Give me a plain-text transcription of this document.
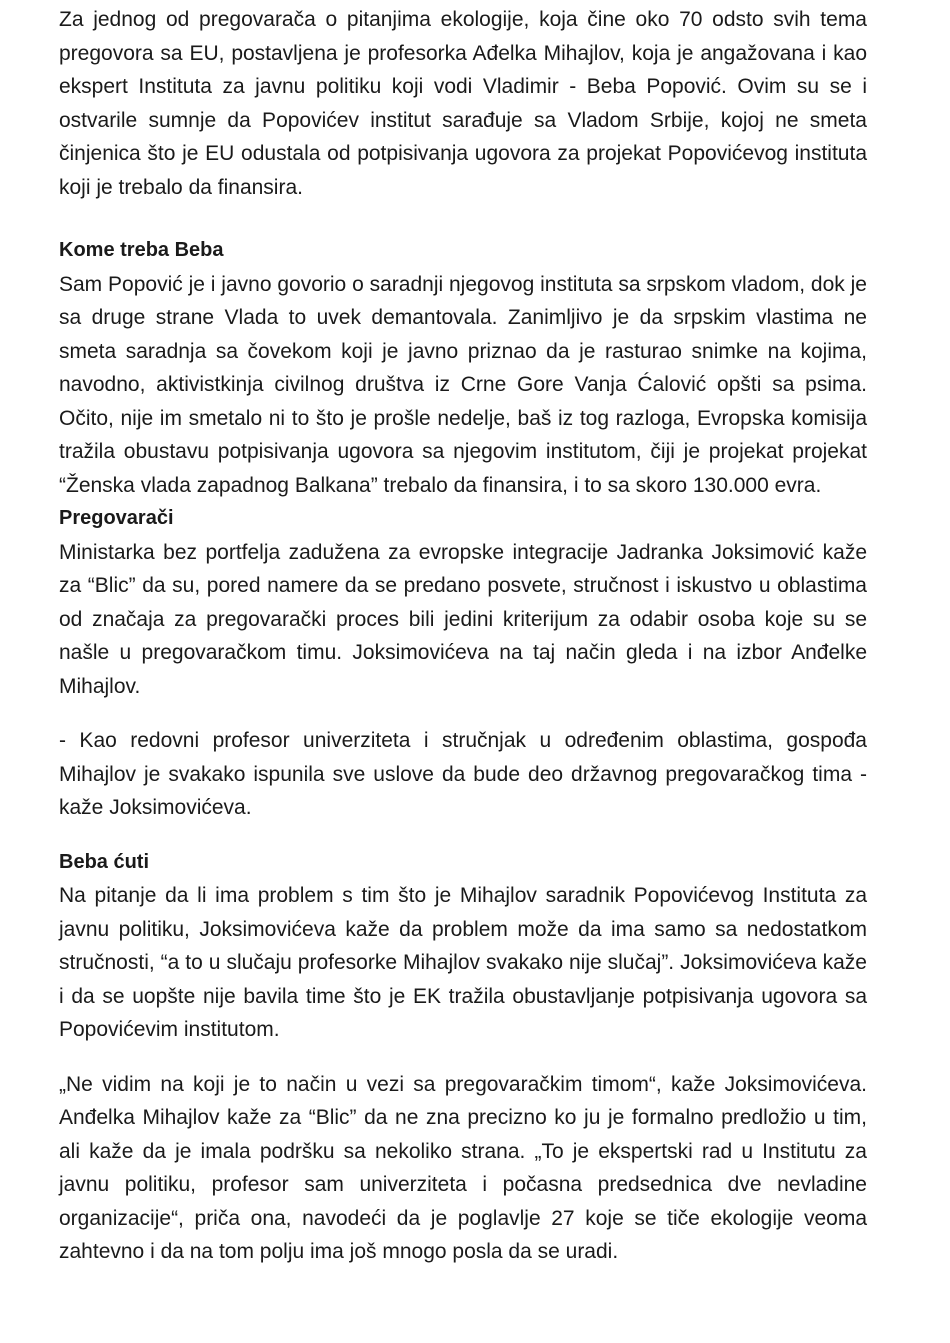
Za jednog od pregovarača o pitanjima ekologije, koja čine oko 70 odsto svih tema pregovora sa EU, postavljena je profesorka Ađelka Mihajlov, koja je angažovana i kao ekspert Instituta za javnu politiku koji vodi Vladimir - Beba Popović. Ovim su se i ostvarile sumnje da Popovićev institut sarađuje sa Vladom Srbije, kojoj ne smeta činjenica što je EU odustala od potpisivanja ugovora za projekat Popovićevog instituta koji je trebalo da finansira.

Kome treba Beba

Sam Popović je i javno govorio o saradnji njegovog instituta sa srpskom vladom, dok je sa druge strane Vlada to uvek demantovala. Zanimljivo je da srpskim vlastima ne smeta saradnja sa čovekom koji je javno priznao da je rasturao snimke na kojima, navodno, aktivistkinja civilnog društva iz Crne Gore Vanja Ćalović opšti sa psima. Očito, nije im smetalo ni to što je prošle nedelje, baš iz tog razloga, Evropska komisija tražila obustavu potpisivanja ugovora sa njegovim institutom, čiji je projekat projekat “Ženska vlada zapadnog Balkana” trebalo da finansira, i to sa skoro 130.000 evra.

Pregovarači

Ministarka bez portfelja zadužena za evropske integracije Jadranka Joksimović kaže za “Blic” da su, pored namere da se predano posvete, stručnost i iskustvo u oblastima od značaja za pregovarački proces bili jedini kriterijum za odabir osoba koje su se našle u pregovaračkom timu. Joksimovićeva na taj način gleda i na izbor Anđelke Mihajlov.

- Kao redovni profesor univerziteta i stručnjak u određenim oblastima, gospođa Mihajlov je svakako ispunila sve uslove da bude deo državnog pregovaračkog tima - kaže Joksimovićeva.

Beba ćuti

Na pitanje da li ima problem s tim što je Mihajlov saradnik Popovićevog Instituta za javnu politiku, Joksimovićeva kaže da problem može da ima samo sa nedostatkom stručnosti, “a to u slučaju profesorke Mihajlov svakako nije slučaj”. Joksimovićeva kaže i da se uopšte nije bavila time što je EK tražila obustavljanje potpisivanja ugovora sa Popovićevim institutom.

„Ne vidim na koji je to način u vezi sa pregovaračkim timom“, kaže Joksimovićeva. Anđelka Mihajlov kaže za “Blic” da ne zna precizno ko ju je formalno predložio u tim, ali kaže da je imala podršku sa nekoliko strana. „To je ekspertski rad u Institutu za javnu politiku, profesor sam univerziteta i počasna predsednica dve nevladine organizacije“, priča ona, navodeći da je poglavlje 27 koje se tiče ekologije veoma zahtevno i da na tom polju ima još mnogo posla da se uradi.
